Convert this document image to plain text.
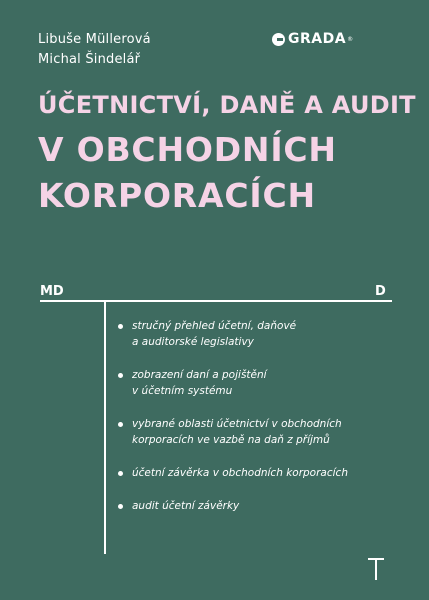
Libuše Müllerová
Michal Šindelář
GRADA ®
ÚČETNICTVÍ, DANĚ A AUDIT
V OBCHODNÍCH
KORPORACÍCH
MD	D
stručný přehled účetní, daňové
a auditorské legislativy
zobrazení daní a pojištění
v účetním systému
vybrané oblasti účetnictví v obchodních
korporacích ve vazbě na daň z příjmů
účetní závěrka v obchodních korporacích
audit účetní závěrky
